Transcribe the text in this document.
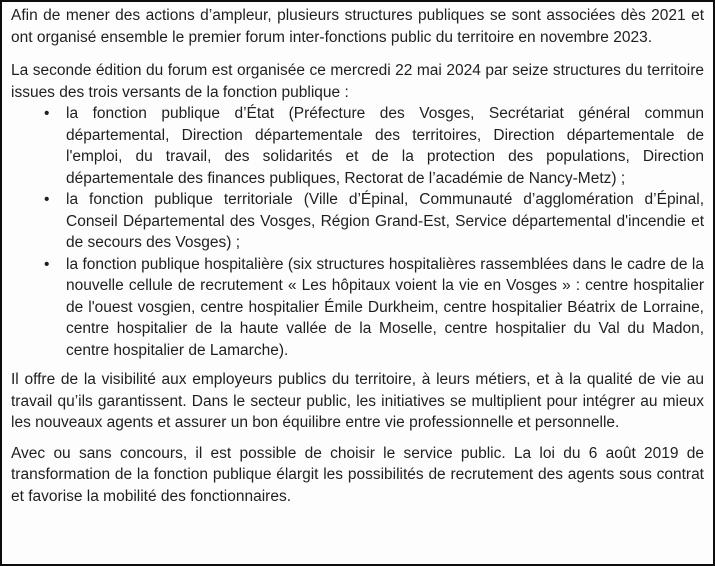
Afin de mener des actions d’ampleur, plusieurs structures publiques se sont associées dès 2021 et ont organisé ensemble le premier forum inter-fonctions public du territoire en novembre 2023.

La seconde édition du forum est organisée ce mercredi 22 mai 2024 par seize structures du territoire issues des trois versants de la fonction publique :

• la fonction publique d’État (Préfecture des Vosges, Secrétariat général commun départemental, Direction départementale des territoires, Direction départementale de l'emploi, du travail, des solidarités et de la protection des populations, Direction départementale des finances publiques, Rectorat de l’académie de Nancy-Metz) ;
• la fonction publique territoriale (Ville d’Épinal, Communauté d’agglomération d’Épinal, Conseil Départemental des Vosges, Région Grand-Est, Service départemental d'incendie et de secours des Vosges) ;
• la fonction publique hospitalière (six structures hospitalières rassemblées dans le cadre de la nouvelle cellule de recrutement « Les hôpitaux voient la vie en Vosges » : centre hospitalier de l'ouest vosgien, centre hospitalier Émile Durkheim, centre hospitalier Béatrix de Lorraine, centre hospitalier de la haute vallée de la Moselle, centre hospitalier du Val du Madon, centre hospitalier de Lamarche).

Il offre de la visibilité aux employeurs publics du territoire, à leurs métiers, et à la qualité de vie au travail qu’ils garantissent. Dans le secteur public, les initiatives se multiplient pour intégrer au mieux les nouveaux agents et assurer un bon équilibre entre vie professionnelle et personnelle.

Avec ou sans concours, il est possible de choisir le service public. La loi du 6 août 2019 de transformation de la fonction publique élargit les possibilités de recrutement des agents sous contrat et favorise la mobilité des fonctionnaires.
